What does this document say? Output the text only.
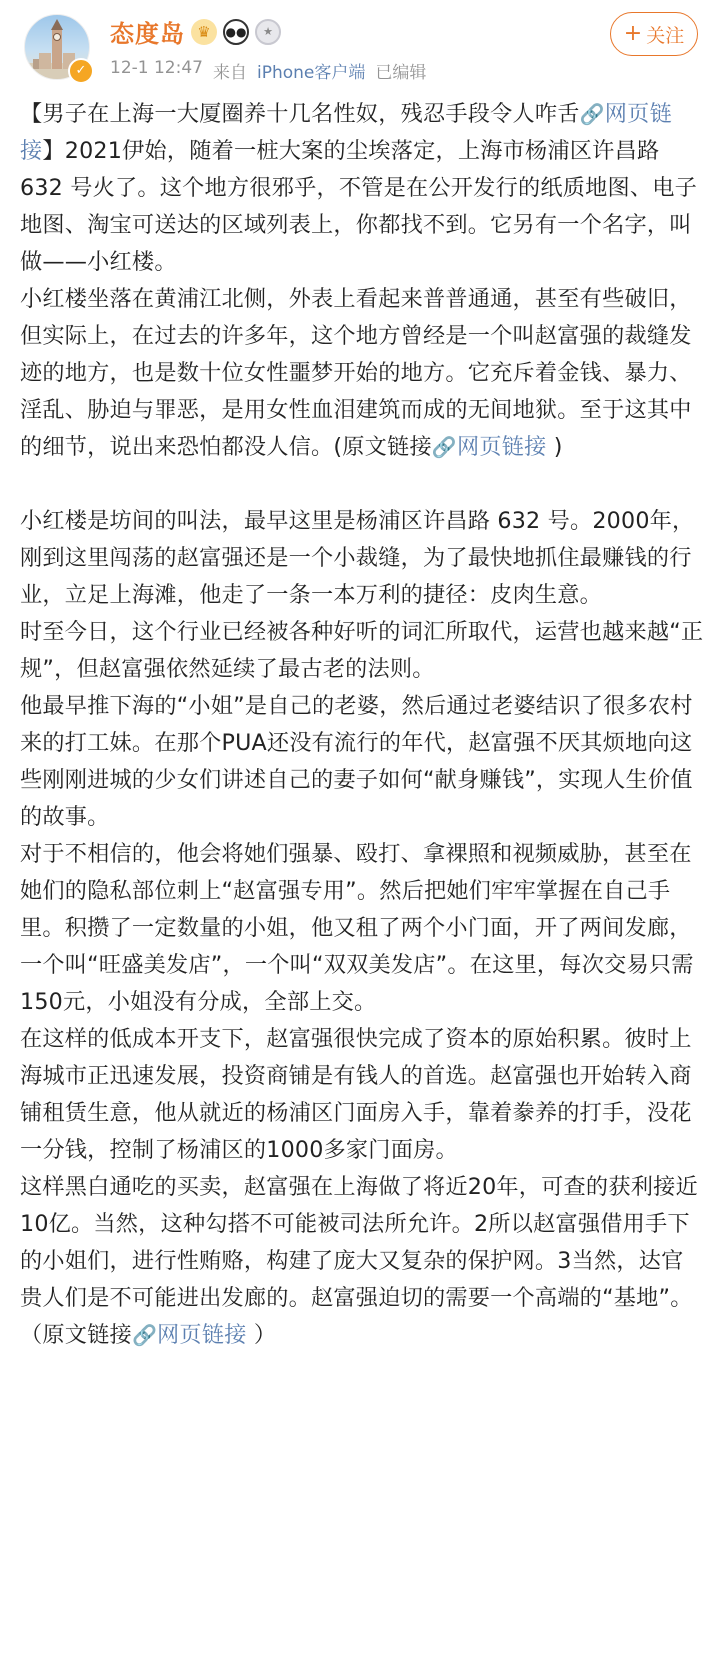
✓
态度岛 ♛	●●	★
12-1 12:47 来自 iPhone客户端 已编辑
+ 关注

【男子在上海一大厦圈养十几名性奴，残忍手段令人咋舌🔗网页链接】2021伊始，随着一桩大案的尘埃落定，上海市杨浦区许昌路 632 号火了。这个地方很邪乎，不管是在公开发行的纸质地图、电子地图、淘宝可送达的区域列表上，你都找不到。它另有一个名字，叫做——小红楼。

小红楼坐落在黄浦江北侧，外表上看起来普普通通，甚至有些破旧，但实际上，在过去的许多年，这个地方曾经是一个叫赵富强的裁缝发迹的地方，也是数十位女性噩梦开始的地方。它充斥着金钱、暴力、淫乱、胁迫与罪恶，是用女性血泪建筑而成的无间地狱。至于这其中的细节，说出来恐怕都没人信。(原文链接🔗网页链接 )

小红楼是坊间的叫法，最早这里是杨浦区许昌路 632 号。2000年，刚到这里闯荡的赵富强还是一个小裁缝，为了最快地抓住最赚钱的行业，立足上海滩，他走了一条一本万利的捷径：皮肉生意。

时至今日，这个行业已经被各种好听的词汇所取代，运营也越来越“正规”，但赵富强依然延续了最古老的法则。

他最早推下海的“小姐”是自己的老婆，然后通过老婆结识了很多农村来的打工妹。在那个PUA还没有流行的年代，赵富强不厌其烦地向这些刚刚进城的少女们讲述自己的妻子如何“献身赚钱”，实现人生价值的故事。

对于不相信的，他会将她们强暴、殴打、拿裸照和视频威胁，甚至在她们的隐私部位刺上“赵富强专用”。然后把她们牢牢掌握在自己手里。积攒了一定数量的小姐，他又租了两个小门面，开了两间发廊，一个叫“旺盛美发店”，一个叫“双双美发店”。在这里，每次交易只需150元，小姐没有分成，全部上交。

在这样的低成本开支下，赵富强很快完成了资本的原始积累。彼时上海城市正迅速发展，投资商铺是有钱人的首选。赵富强也开始转入商铺租赁生意，他从就近的杨浦区门面房入手，靠着豢养的打手，没花一分钱，控制了杨浦区的1000多家门面房。

这样黑白通吃的买卖，赵富强在上海做了将近20年，可查的获利接近10亿。当然，这种勾搭不可能被司法所允许。2所以赵富强借用手下的小姐们，进行性贿赂，构建了庞大又复杂的保护网。3当然，达官贵人们是不可能进出发廊的。赵富强迫切的需要一个高端的“基地”。

（原文链接🔗网页链接 ）
